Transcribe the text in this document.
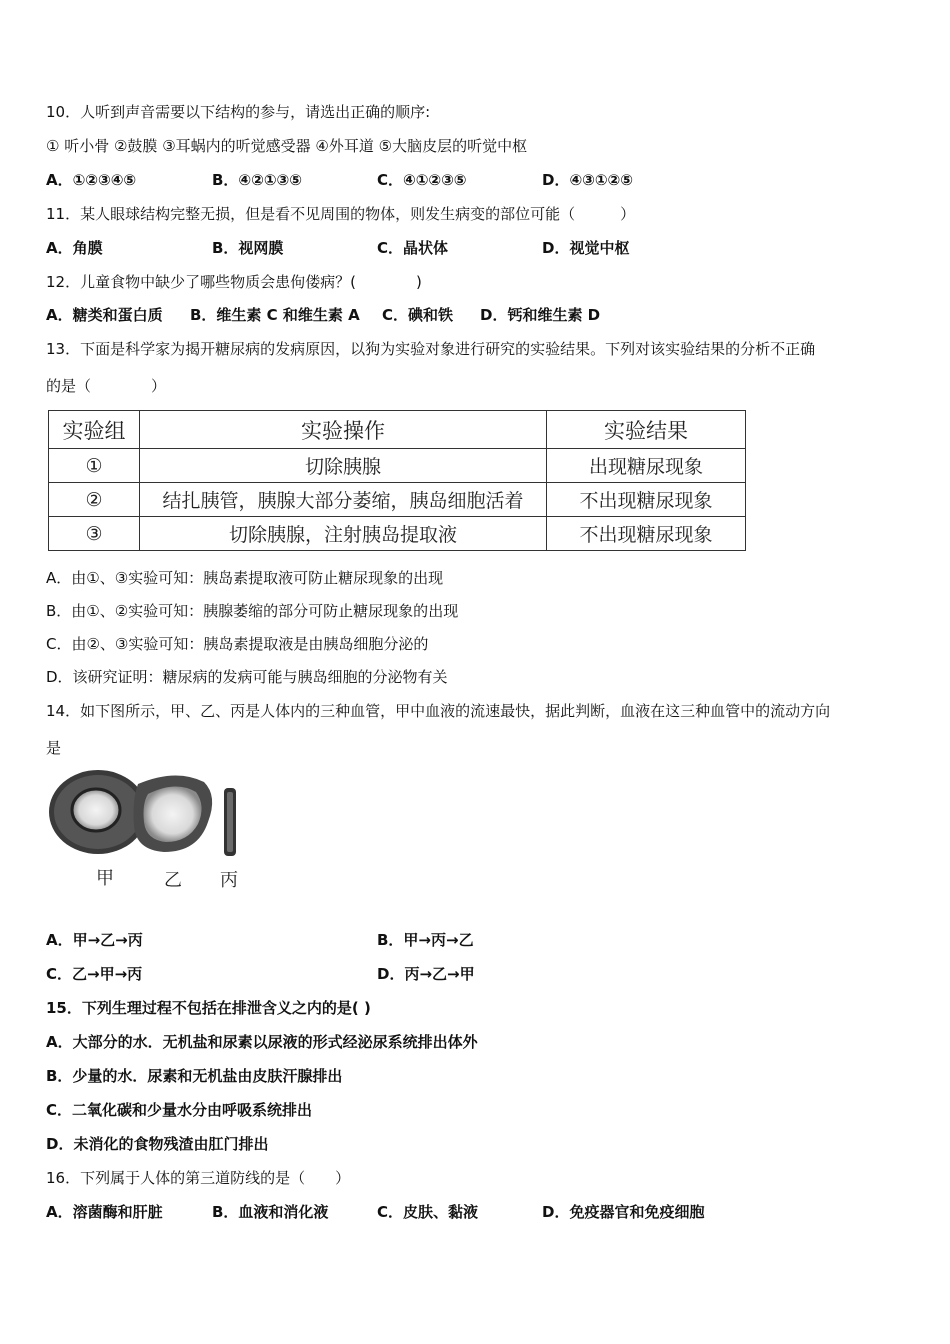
10．人听到声音需要以下结构的参与，请选出正确的顺序:
① 听小骨 ②鼓膜 ③耳蜗内的听觉感受器 ④外耳道 ⑤大脑皮层的听觉中枢
A．①②③④⑤	B．④②①③⑤	C．④①②③⑤	D．④③①②⑤
11．某人眼球结构完整无损，但是看不见周围的物体，则发生病变的部位可能（　　　）
A．角膜	B．视网膜	C．晶状体	D．视觉中枢
12．儿童食物中缺少了哪些物质会患佝偻病？(　　　　)
A．糖类和蛋白质 B．维生素 C 和维生素 A C．碘和铁 D．钙和维生素 D
13．下面是科学家为揭开糖尿病的发病原因，以狗为实验对象进行研究的实验结果。下列对该实验结果的分析不正确
的是（　　　　）
实验组	实验操作	实验结果
①	切除胰腺	出现糖尿现象
②	结扎胰管，胰腺大部分萎缩，胰岛细胞活着	不出现糖尿现象
③	切除胰腺，注射胰岛提取液	不出现糖尿现象
A．由①、③实验可知：胰岛素提取液可防止糖尿现象的出现
B．由①、②实验可知：胰腺萎缩的部分可防止糖尿现象的出现
C．由②、③实验可知：胰岛素提取液是由胰岛细胞分泌的
D．该研究证明：糖尿病的发病可能与胰岛细胞的分泌物有关
14．如下图所示，甲、乙、丙是人体内的三种血管，甲中血液的流速最快，据此判断，血液在这三种血管中的流动方向
是
甲	乙 丙
A．甲→乙→丙	B．甲→丙→乙
C．乙→甲→丙	D．丙→乙→甲
15．下列生理过程不包括在排泄含义之内的是( )
A．大部分的水．无机盐和尿素以尿液的形式经泌尿系统排出体外
B．少量的水．尿素和无机盐由皮肤汗腺排出
C．二氧化碳和少量水分由呼吸系统排出
D．未消化的食物残渣由肛门排出
16．下列属于人体的第三道防线的是（　　）
A．溶菌酶和肝脏	B．血液和消化液	C．皮肤、黏液	D．免疫器官和免疫细胞
